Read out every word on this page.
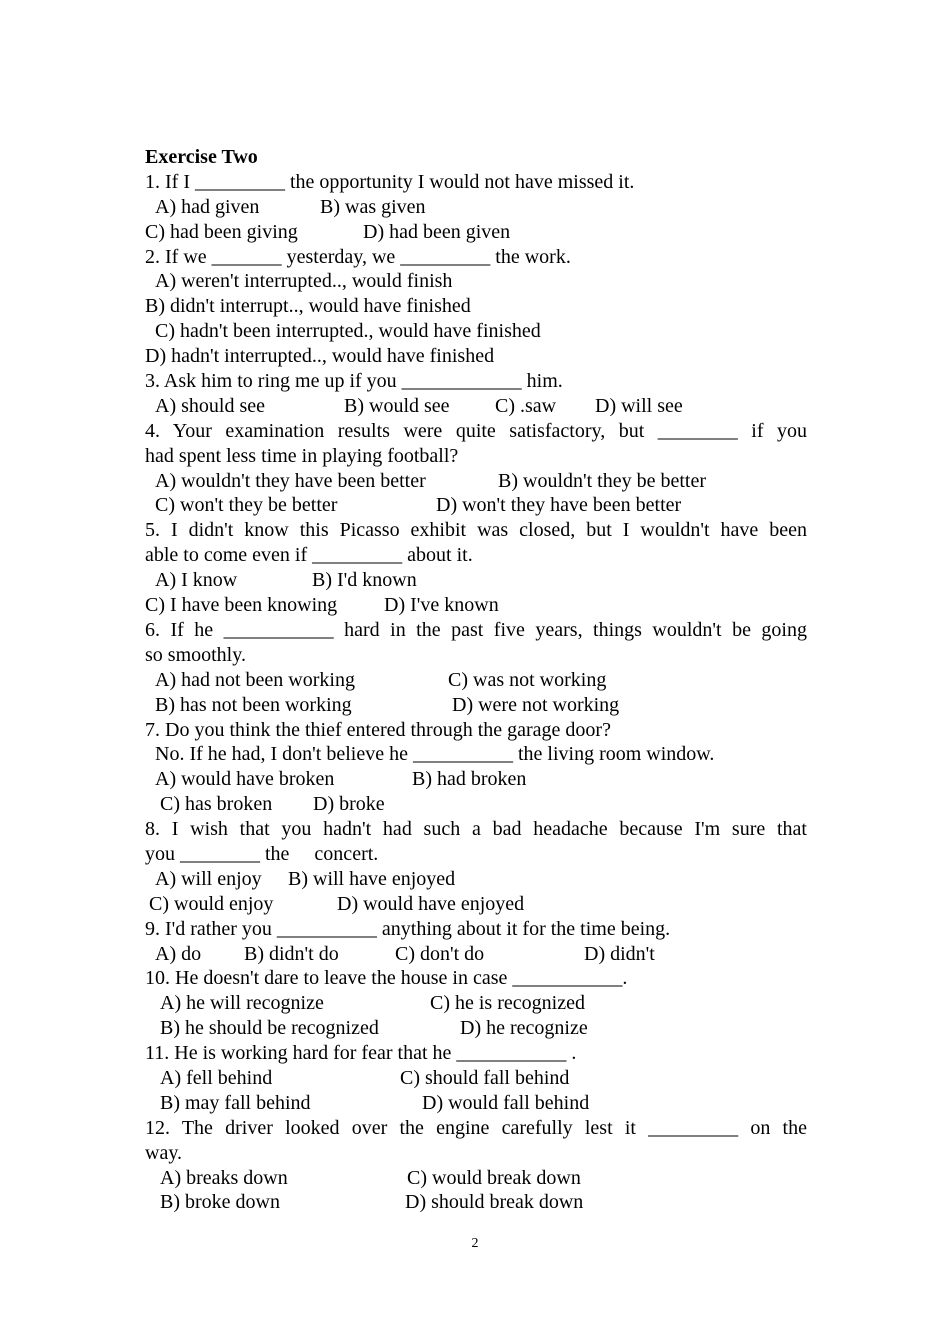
Exercise Two
1. If I _________ the opportunity I would not have missed it.
A) had given	B) was given
C) had been giving	D) had been given
2. If we _______ yesterday, we _________ the work.
A) weren't interrupted.., would finish
B) didn't interrupt.., would have finished
C) hadn't been interrupted., would have finished
D) hadn't interrupted.., would have finished
3. Ask him to ring me up if you ____________ him.
A) should see	B) would see	C) .saw	D) will see
4. Your examination results were quite satisfactory, but ________ if you
had spent less time in playing football?
A) wouldn't they have been better	B) wouldn't they be better
C) won't they be better	D) won't they have been better
5. I didn't know this Picasso exhibit was closed, but I wouldn't have been
able to come even if _________ about it.
A) I know	B) I'd known
C) I have been knowing	D) I've known
6. If he ___________ hard in the past five years, things wouldn't be going
so smoothly.
A) had not been working	C) was not working
B) has not been working	D) were not working
7. Do you think the thief entered through the garage door?
No. If he had, I don't believe he __________ the living room window.
A) would have broken	B) had broken
C) has broken	D) broke
8. I wish that you hadn't had such a bad headache because I'm sure that
you ________ the     concert.
A) will enjoy	B) will have enjoyed
C) would enjoy	D) would have enjoyed
9. I'd rather you __________ anything about it for the time being.
A) do	B) didn't do	C) don't do	D) didn't
10. He doesn't dare to leave the house in case ___________.
A) he will recognize	C) he is recognized
B) he should be recognized	D) he recognize
11. He is working hard for fear that he ___________ .
A) fell behind	C) should fall behind
B) may fall behind	D) would fall behind
12. The driver looked over the engine carefully lest it _________ on the
way.
A) breaks down	C) would break down
B) broke down	D) should break down
2
